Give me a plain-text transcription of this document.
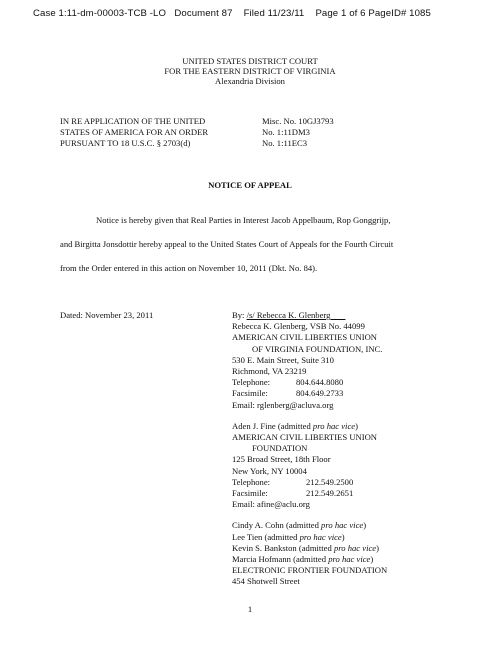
Case 1:11-dm-00003-TCB -LO Document 87 Filed 11/23/11 Page 1 of 6 PageID# 1085
UNITED STATES DISTRICT COURT
FOR THE EASTERN DISTRICT OF VIRGINIA
Alexandria Division
IN RE APPLICATION OF THE UNITED
STATES OF AMERICA FOR AN ORDER
PURSUANT TO 18 U.S.C. § 2703(d)
Misc. No. 10GJ3793
No. 1:11DM3
No. 1:11EC3
NOTICE OF APPEAL
Notice is hereby given that Real Parties in Interest Jacob Appelbaum, Rop Gonggrijp,
and Birgitta Jonsdottir hereby appeal to the United States Court of Appeals for the Fourth Circuit
from the Order entered in this action on November 10, 2011 (Dkt. No. 84).
Dated: November 23, 2011	By: /s/ Rebecca K. Glenberg
Rebecca K. Glenberg, VSB No. 44099
AMERICAN CIVIL LIBERTIES UNION
OF VIRGINIA FOUNDATION, INC.
530 E. Main Street, Suite 310
Richmond, VA 23219
Telephone:	804.644.8080
Facsimile:	804.649.2733
Email: rglenberg@acluva.org
Aden J. Fine (admitted pro hac vice)
AMERICAN CIVIL LIBERTIES UNION
FOUNDATION
125 Broad Street, 18th Floor
New York, NY 10004
Telephone:	212.549.2500
Facsimile:	212.549.2651
Email: afine@aclu.org
Cindy A. Cohn (admitted pro hac vice)
Lee Tien (admitted pro hac vice)
Kevin S. Bankston (admitted pro hac vice)
Marcia Hofmann (admitted pro hac vice)
ELECTRONIC FRONTIER FOUNDATION
454 Shotwell Street
1
